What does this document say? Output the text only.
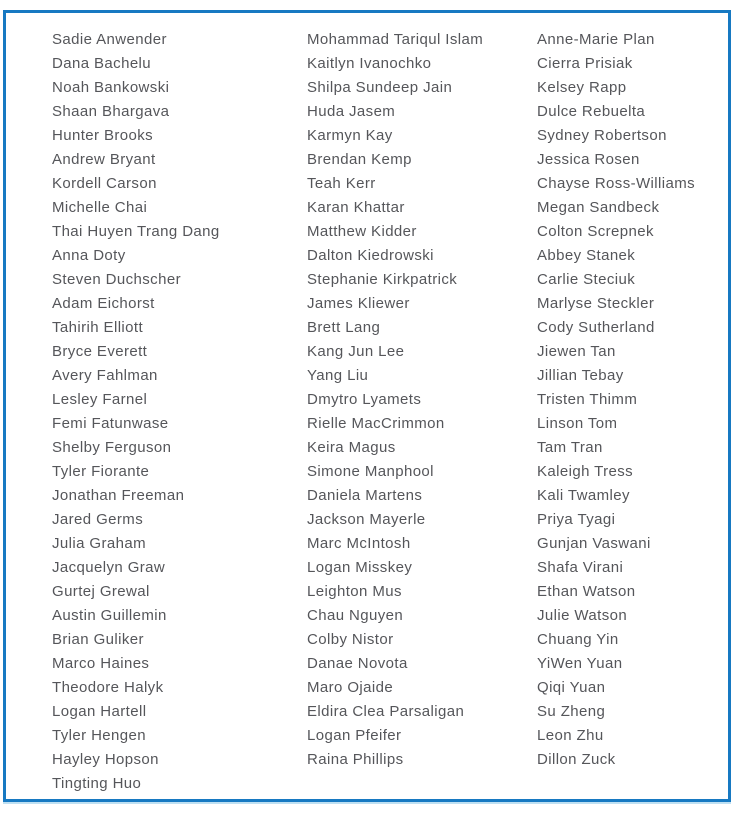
Sadie Anwender
Dana Bachelu
Noah Bankowski
Shaan Bhargava
Hunter Brooks
Andrew Bryant
Kordell Carson
Michelle Chai
Thai Huyen Trang Dang
Anna Doty
Steven Duchscher
Adam Eichorst
Tahirih Elliott
Bryce Everett
Avery Fahlman
Lesley Farnel
Femi Fatunwase
Shelby Ferguson
Tyler Fiorante
Jonathan Freeman
Jared Germs
Julia Graham
Jacquelyn Graw
Gurtej Grewal
Austin Guillemin
Brian Guliker
Marco Haines
Theodore Halyk
Logan Hartell
Tyler Hengen
Hayley Hopson
Tingting Huo
Mohammad Tariqul Islam
Kaitlyn Ivanochko
Shilpa Sundeep Jain
Huda Jasem
Karmyn Kay
Brendan Kemp
Teah Kerr
Karan Khattar
Matthew Kidder
Dalton Kiedrowski
Stephanie Kirkpatrick
James Kliewer
Brett Lang
Kang Jun Lee
Yang Liu
Dmytro Lyamets
Rielle MacCrimmon
Keira Magus
Simone Manphool
Daniela Martens
Jackson Mayerle
Marc McIntosh
Logan Misskey
Leighton Mus
Chau Nguyen
Colby Nistor
Danae Novota
Maro Ojaide
Eldira Clea Parsaligan
Logan Pfeifer
Raina Phillips
Anne-Marie Plan
Cierra Prisiak
Kelsey Rapp
Dulce Rebuelta
Sydney Robertson
Jessica Rosen
Chayse Ross-Williams
Megan Sandbeck
Colton Screpnek
Abbey Stanek
Carlie Steciuk
Marlyse Steckler
Cody Sutherland
Jiewen Tan
Jillian Tebay
Tristen Thimm
Linson Tom
Tam Tran
Kaleigh Tress
Kali Twamley
Priya Tyagi
Gunjan Vaswani
Shafa Virani
Ethan Watson
Julie Watson
Chuang Yin
YiWen Yuan
Qiqi Yuan
Su Zheng
Leon Zhu
Dillon Zuck
